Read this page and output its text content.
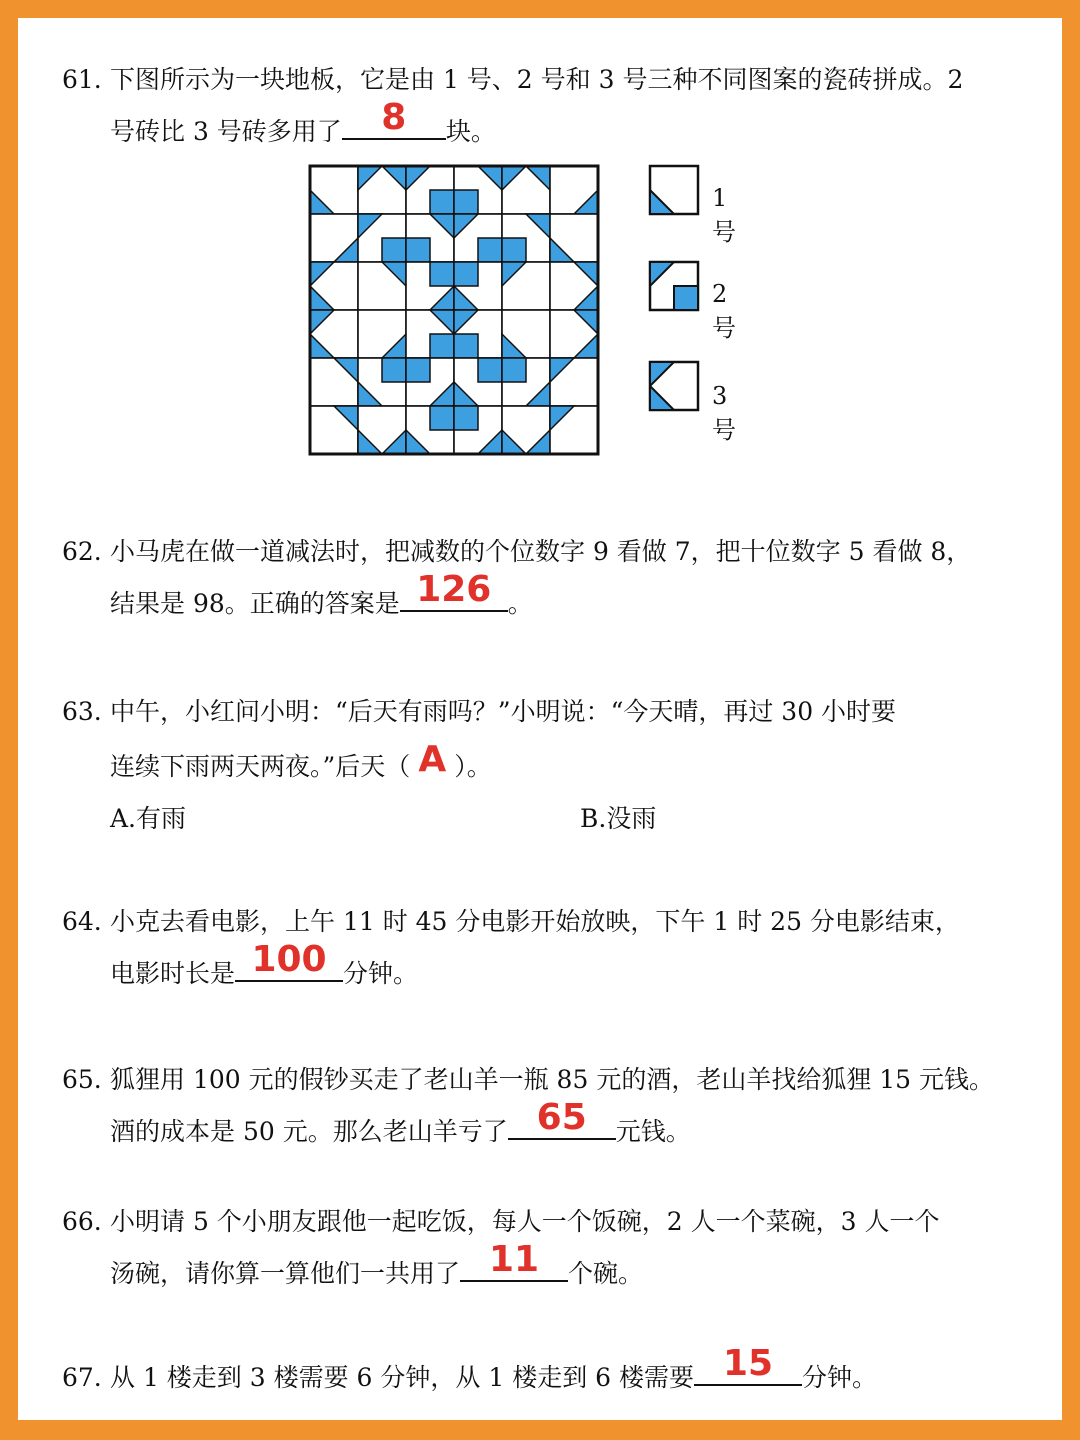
61. 下图所示为一块地板，它是由 1 号、2 号和 3 号三种不同图案的瓷砖拼成。2
号砖比 3 号砖多用了	8	块。
1号
2号
3号
62. 小马虎在做一道减法时，把减数的个位数字 9 看做 7，把十位数字 5 看做 8，
结果是 98。正确的答案是 126 。
63. 中午，小红问小明：“后天有雨吗？”小明说：“今天晴，再过 30 小时要
连续下雨两天两夜。”后天（ A ）。
A.有雨	B.没雨
64. 小克去看电影，上午 11 时 45 分电影开始放映，下午 1 时 25 分电影结束，
电影时长是 100 分钟。
65. 狐狸用 100 元的假钞买走了老山羊一瓶 85 元的酒，老山羊找给狐狸 15 元钱。
酒的成本是 50 元。那么老山羊亏了 65	元钱。
66. 小明请 5 个小朋友跟他一起吃饭，每人一个饭碗，2 人一个菜碗，3 人一个
汤碗，请你算一算他们一共用了 11	个碗。
67. 从 1 楼走到 3 楼需要 6 分钟，从 1 楼走到 6 楼需要 15	分钟。
